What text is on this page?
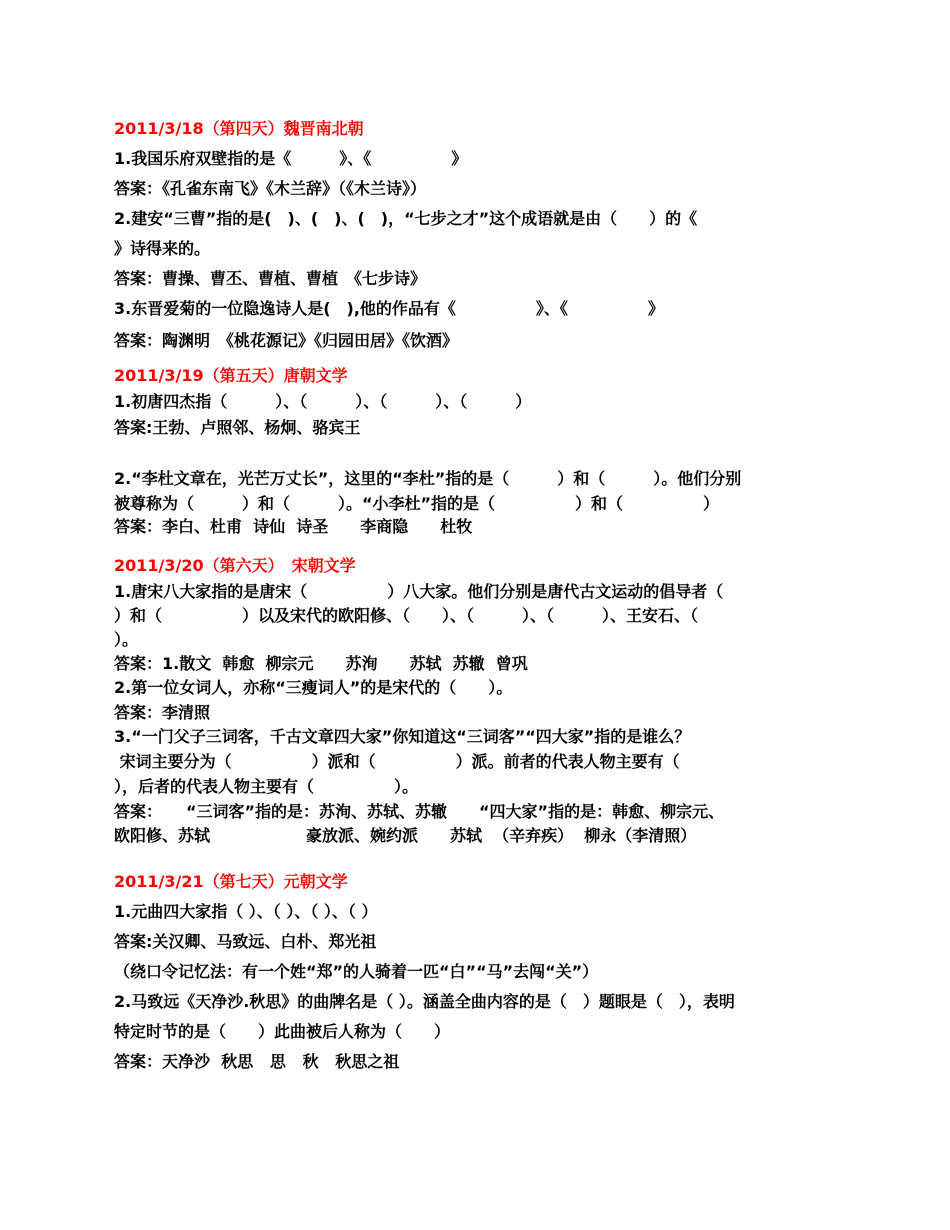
2011/3/18（第四天）魏晋南北朝
1.我国乐府双壁指的是《　　　》、《　　　　　》
答案：《孔雀东南飞》《木兰辞》（《木兰诗》）
2.建安“三曹”指的是(　)、(　)、(　)，“七步之才”这个成语就是由（　　）的《
》诗得来的。
答案：曹操、曹丕、曹植、曹植　《七步诗》
3.东晋爱菊的一位隐逸诗人是(　),他的作品有《　　　　　》、《　　　　　》
答案：陶渊明　《桃花源记》《归园田居》《饮酒》
2011/3/19（第五天）唐朝文学
1.初唐四杰指（　　　）、（　　　）、（　　　）、（　　　）
答案:王勃、卢照邻、杨炯、骆宾王
2.“李杜文章在，光芒万丈长”，这里的“李杜”指的是（　　　）和（　　　）。他们分别
被尊称为（　　　）和（　　　）。“小李杜”指的是（　　　　　）和（　　　　　）
答案：李白、杜甫  诗仙  诗圣　　李商隐　　杜牧
2011/3/20（第六天）　宋朝文学
1.唐宋八大家指的是唐宋（　　　　　）八大家。他们分别是唐代古文运动的倡导者（
）和（　　　　　）以及宋代的欧阳修、（　　）、（　　　）、（　　　）、王安石、（
）。
答案：1.散文  韩愈  柳宗元　　苏洵　　苏轼  苏辙  曾巩
2.第一位女词人，亦称“三瘦词人”的是宋代的（　　）。
答案：李清照
3.“一门父子三词客，千古文章四大家”你知道这“三词客”“四大家”指的是谁么？
宋词主要分为（　　　　　）派和（　　　　　）派。前者的代表人物主要有（
），后者的代表人物主要有（　　　　　）。
答案：　　“三词客”指的是：苏洵、苏轼、苏辙　　“四大家”指的是：韩愈、柳宗元、
欧阳修、苏轼　　　　　　豪放派、婉约派　　苏轼  （辛弃疾）  柳永（李清照）
2011/3/21（第七天）元朝文学
1.元曲四大家指（ ）、（ ）、（ ）、（ ）
答案:关汉卿、马致远、白朴、郑光祖
（绕口令记忆法：有一个姓“郑”的人骑着一匹“白”“马”去闯“关”）
2.马致远《天净沙.秋思》的曲牌名是（ ）。涵盖全曲内容的是（　）题眼是（　），表明
特定时节的是（　　）此曲被后人称为（　　）
答案：天净沙  秋思   思   秋   秋思之祖
